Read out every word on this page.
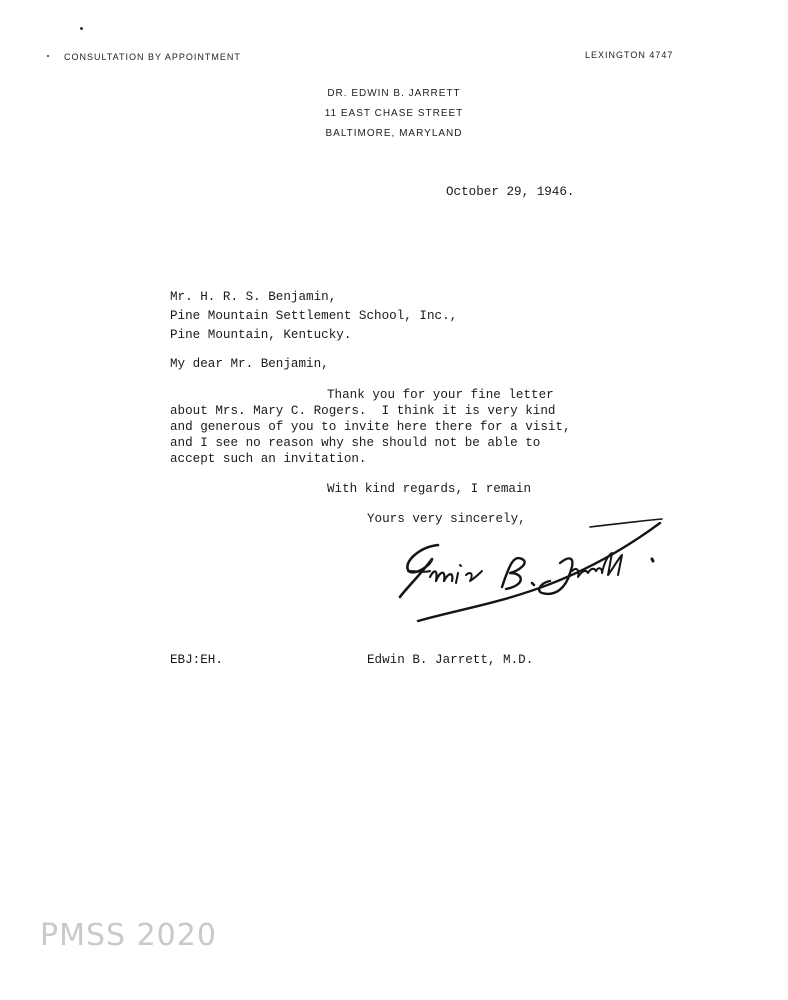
CONSULTATION BY APPOINTMENT	LEXINGTON 4747
DR. EDWIN B. JARRETT
11 EAST CHASE STREET
BALTIMORE, MARYLAND
October 29, 1946.
Mr. H. R. S. Benjamin,
Pine Mountain Settlement School, Inc.,
Pine Mountain, Kentucky.
My dear Mr. Benjamin,
Thank you for your fine letter
about Mrs. Mary C. Rogers.  I think it is very kind
and generous of you to invite here there for a visit,
and I see no reason why she should not be able to
accept such an invitation.
With kind regards, I remain
Yours very sincerely,
EBJ:EH.	Edwin B. Jarrett, M.D.
PMSS 2020
